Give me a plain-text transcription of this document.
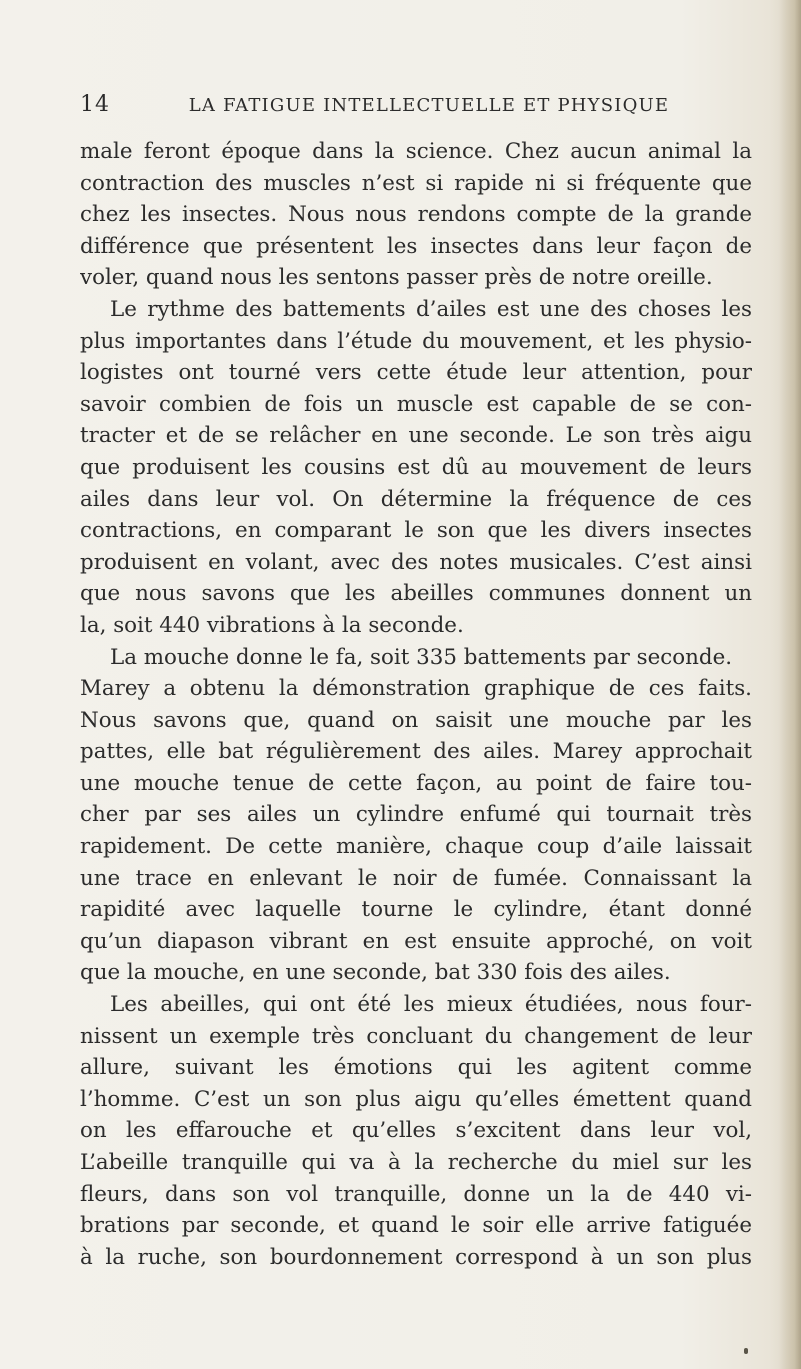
14	LA FATIGUE INTELLECTUELLE ET PHYSIQUE
male feront époque dans la science. Chez aucun animal la
contraction des muscles n’est si rapide ni si fréquente que
chez les insectes. Nous nous rendons compte de la grande
différence que présentent les insectes dans leur façon de
voler, quand nous les sentons passer près de notre oreille.
Le rythme des battements d’ailes est une des choses les
plus importantes dans l’étude du mouvement, et les physio-
logistes ont tourné vers cette étude leur attention, pour
savoir combien de fois un muscle est capable de se con-
tracter et de se relâcher en une seconde. Le son très aigu
que produisent les cousins est dû au mouvement de leurs
ailes dans leur vol. On détermine la fréquence de ces
contractions, en comparant le son que les divers insectes
produisent en volant, avec des notes musicales. C’est ainsi
que nous savons que les abeilles communes donnent un
la, soit 440 vibrations à la seconde.
La mouche donne le fa, soit 335 battements par seconde.
Marey a obtenu la démonstration graphique de ces faits.
Nous savons que, quand on saisit une mouche par les
pattes, elle bat régulièrement des ailes. Marey approchait
une mouche tenue de cette façon, au point de faire tou-
cher par ses ailes un cylindre enfumé qui tournait très
rapidement. De cette manière, chaque coup d’aile laissait
une trace en enlevant le noir de fumée. Connaissant la
rapidité avec laquelle tourne le cylindre, étant donné
qu’un diapason vibrant en est ensuite approché, on voit
que la mouche, en une seconde, bat 330 fois des ailes.
Les abeilles, qui ont été les mieux étudiées, nous four-
nissent un exemple très concluant du changement de leur
allure, suivant les émotions qui les agitent comme
l’homme. C’est un son plus aigu qu’elles émettent quand
on les effarouche et qu’elles s’excitent dans leur vol,
L’abeille tranquille qui va à la recherche du miel sur les
fleurs, dans son vol tranquille, donne un la de 440 vi-
brations par seconde, et quand le soir elle arrive fatiguée
à la ruche, son bourdonnement correspond à un son plus
